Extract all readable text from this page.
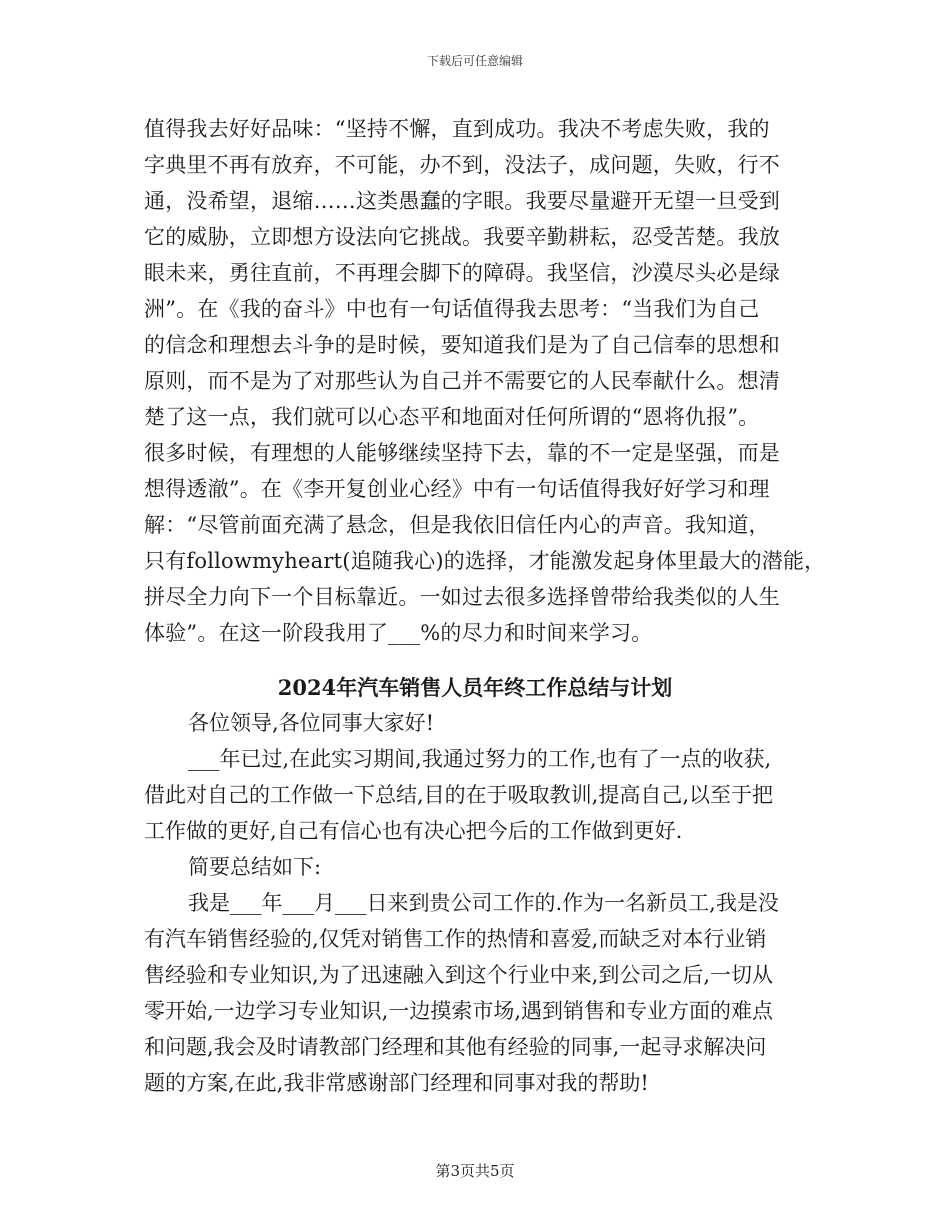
下载后可任意编辑
值得我去好好品味：“坚持不懈，直到成功。我决不考虑失败，我的
字典里不再有放弃，不可能，办不到，没法子，成问题，失败，行不
通，没希望，退缩……这类愚蠢的字眼。我要尽量避开无望一旦受到
它的威胁，立即想方设法向它挑战。我要辛勤耕耘，忍受苦楚。我放
眼未来，勇往直前，不再理会脚下的障碍。我坚信，沙漠尽头必是绿
洲”。在《我的奋斗》中也有一句话值得我去思考：“当我们为自己
的信念和理想去斗争的是时候，要知道我们是为了自己信奉的思想和
原则，而不是为了对那些认为自己并不需要它的人民奉献什么。想清
楚了这一点，我们就可以心态平和地面对任何所谓的“恩将仇报”。
很多时候，有理想的人能够继续坚持下去，靠的不一定是坚强，而是
想得透澈”。在《李开复创业心经》中有一句话值得我好好学习和理
解：“尽管前面充满了悬念，但是我依旧信任内心的声音。我知道，
只有followmyheart(追随我心)的选择，才能激发起身体里最大的潜能，
拼尽全力向下一个目标靠近。一如过去很多选择曾带给我类似的人生
体验”。在这一阶段我用了___%的尽力和时间来学习。
2024年汽车销售人员年终工作总结与计划
各位领导,各位同事大家好!
___年已过,在此实习期间,我通过努力的工作,也有了一点的收获,
借此对自己的工作做一下总结,目的在于吸取教训,提高自己,以至于把
工作做的更好,自己有信心也有决心把今后的工作做到更好.
简要总结如下:
我是___年___月___日来到贵公司工作的.作为一名新员工,我是没
有汽车销售经验的,仅凭对销售工作的热情和喜爱,而缺乏对本行业销
售经验和专业知识,为了迅速融入到这个行业中来,到公司之后,一切从
零开始,一边学习专业知识,一边摸索市场,遇到销售和专业方面的难点
和问题,我会及时请教部门经理和其他有经验的同事,一起寻求解决问
题的方案,在此,我非常感谢部门经理和同事对我的帮助!
第3页共5页
